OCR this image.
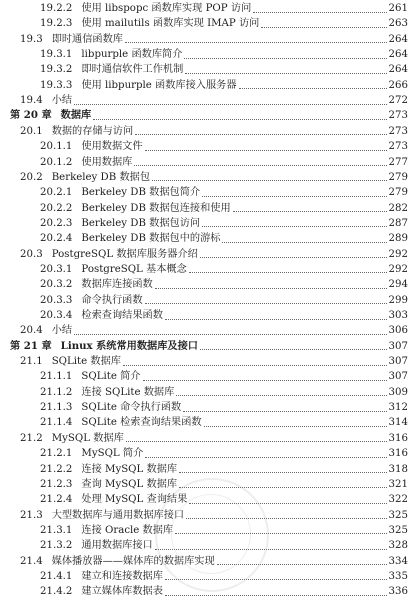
19.2.2 使用 libspopc 函数库实现 POP 访问	261
19.2.3 使用 mailutils 函数库实现 IMAP 访问	263
19.3 即时通信函数库	264
19.3.1 libpurple 函数库简介	264
19.3.2 即时通信软件工作机制	264
19.3.3 使用 libpurple 函数库接入服务器	266
19.4 小结	272
第 20 章 数据库	273
20.1 数据的存储与访问	273
20.1.1 使用数据文件	273
20.1.2 使用数据库	277
20.2 Berkeley DB 数据包	279
20.2.1 Berkeley DB 数据包简介	279
20.2.2 Berkeley DB 数据包连接和使用	282
20.2.3 Berkeley DB 数据包访问	287
20.2.4 Berkeley DB 数据包中的游标	289
20.3 PostgreSQL 数据库服务器介绍	292
20.3.1 PostgreSQL 基本概念	292
20.3.2 数据库连接函数	294
20.3.3 命令执行函数	299
20.3.4 检索查询结果函数	303
20.4 小结	306
第 21 章 Linux 系统常用数据库及接口	307
21.1 SQLite 数据库	307
21.1.1 SQLite 简介	307
21.1.2 连接 SQLite 数据库	309
21.1.3 SQLite 命令执行函数	312
21.1.4 SQLite 检索查询结果函数	314
21.2 MySQL 数据库	316
21.2.1 MySQL 简介	316
21.2.2 连接 MySQL 数据库	318
21.2.3 查询 MySQL 数据库	321
21.2.4 处理 MySQL 查询结果	322
21.3 大型数据库与通用数据库接口	325
21.3.1 连接 Oracle 数据库	325
21.3.2 通用数据库接口	328
21.4 媒体播放器——媒体库的数据库实现	334
21.4.1 建立和连接数据库	335
21.4.2 建立媒体库数据表	336
